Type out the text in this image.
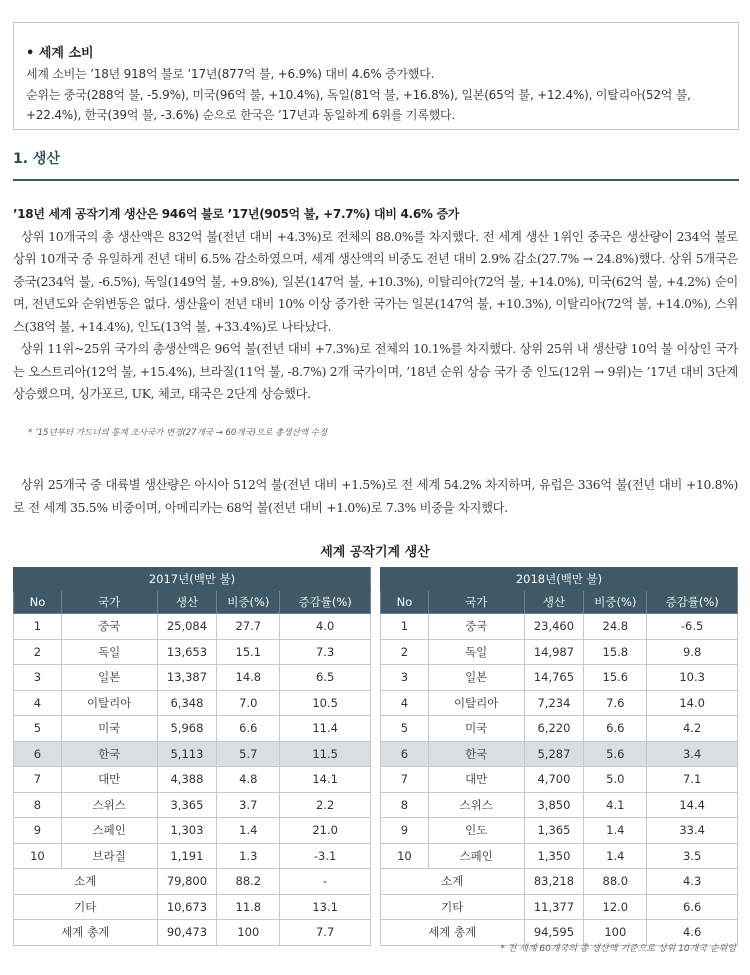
• 세계 소비
세계 소비는 ’18년 918억 불로 ’17년(877억 불, +6.9%) 대비 4.6% 증가했다.
순위는 중국(288억 불, -5.9%), 미국(96억 불, +10.4%), 독일(81억 불, +16.8%), 일본(65억 불, +12.4%), 이탈리아(52억 불, +22.4%), 한국(39억 불, -3.6%) 순으로 한국은 ’17년과 동일하게 6위를 기록했다.
1. 생산

’18년 세계 공작기계 생산은 946억 불로 ’17년(905억 불, +7.7%) 대비 4.6% 증가

상위 10개국의 총 생산액은 832억 불(전년 대비 +4.3%)로 전체의 88.0%를 차지했다. 전 세계 생산 1위인 중국은 생산량이 234억 불로 상위 10개국 중 유일하게 전년 대비 6.5% 감소하였으며, 세계 생산액의 비중도 전년 대비 2.9% 감소(27.7% → 24.8%)했다. 상위 5개국은 중국(234억 불, -6.5%), 독일(149억 불, +9.8%), 일본(147억 불, +10.3%), 이탈리아(72억 불, +14.0%), 미국(62억 불, +4.2%) 순이며, 전년도와 순위변동은 없다. 생산율이 전년 대비 10% 이상 증가한 국가는 일본(147억 불, +10.3%), 이탈리아(72억 불, +14.0%), 스위스(38억 불, +14.4%), 인도(13억 불, +33.4%)로 나타났다.

상위 11위~25위 국가의 총생산액은 96억 불(전년 대비 +7.3%)로 전체의 10.1%를 차지했다. 상위 25위 내 생산량 10억 불 이상인 국가는 오스트리아(12억 불, +15.4%), 브라질(11억 불, -8.7%) 2개 국가이며, ’18년 순위 상승 국가 중 인도(12위 → 9위)는 ’17년 대비 3단계 상승했으며, 싱가포르, UK, 체코, 태국은 2단계 상승했다.

* ’15년부터 가드너의 통계 조사국가 변경(27개국 → 60개국)으로 총생산액 수정

상위 25개국 중 대륙별 생산량은 아시아 512억 불(전년 대비 +1.5%)로 전 세계 54.2% 차지하며, 유럽은 336억 불(전년 대비 +10.8%)로 전 세계 35.5% 비중이며, 아메리카는 68억 불(전년 대비 +1.0%)로 7.3% 비중을 차지했다.

세계 공작기계 생산
2017년(백만 불)				
No	국가	생산	비중(%)	증감률(%)
1	중국	25,084	27.7	4.0
2	독일	13,653	15.1	7.3
3	일본	13,387	14.8	6.5
4	이탈리아	6,348	7.0	10.5
5	미국	5,968	6.6	11.4
6	한국	5,113	5.7	11.5
7	대만	4,388	4.8	14.1
8	스위스	3,365	3.7	2.2
9	스페인	1,303	1.4	21.0
10	브라질	1,191	1.3	-3.1
소계		79,800	88.2	-
기타		10,673	11.8	13.1
세계 총계		90,473	100	7.7
2018년(백만 불)				
No	국가	생산	비중(%)	증감률(%)
1	중국	23,460	24.8	-6.5
2	독일	14,987	15.8	9.8
3	일본	14,765	15.6	10.3
4	이탈리아	7,234	7.6	14.0
5	미국	6,220	6.6	4.2
6	한국	5,287	5.6	3.4
7	대만	4,700	5.0	7.1
8	스위스	3,850	4.1	14.4
9	인도	1,365	1.4	33.4
10	스페인	1,350	1.4	3.5
소계		83,218	88.0	4.3
기타		11,377	12.0	6.6
세계 총계		94,595	100	4.6
* 전 세계 60개국의 총 생산액 기준으로 상위 10개국 순위임
